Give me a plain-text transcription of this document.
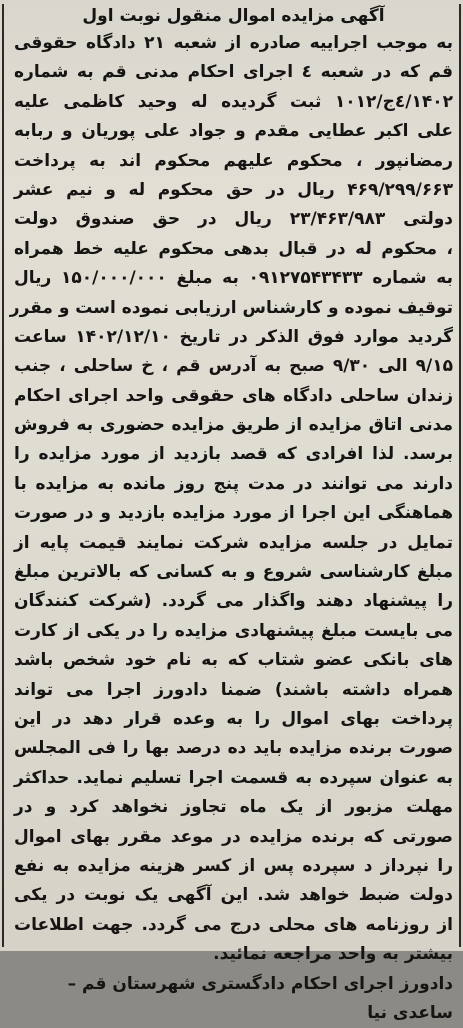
آگهی مزایده اموال منقول نوبت اول
به موجب اجراییه صادره از شعبه ۲۱ دادگاه حقوقی
قم که در شعبه ٤ اجرای احکام مدنی قم به شماره
۱۴۰۲/٤ج/۱۰۱۲ ثبت گردیده له وحید کاظمی علیه
علی اکبر عطایی مقدم و جواد علی پوریان و ربابه
رمضانپور ، محکوم علیهم محکوم اند به پرداخت
۴۶۹/۲۹۹/۶۶۳ ریال در حق محکوم له و نیم عشر
دولتی ۲۳/۴۶۳/۹۸۳ ریال در حق صندوق دولت
، محکوم له در قبال بدهی محکوم علیه خط همراه
به شماره ۰۹۱۲۷۵۴۳۴۳۳ به مبلغ ۱۵۰/۰۰۰/۰۰۰ ریال
توقیف نموده و کارشناس ارزیابی نموده است و مقرر
گردید موارد فوق الذکر در تاریخ ۱۴۰۲/۱۲/۱۰ ساعت
۹/۱۵ الی ۹/۳۰ صبح به آدرس قم ، خ ساحلی ، جنب
زندان ساحلی دادگاه های حقوقی واحد اجرای احکام
مدنی اتاق مزایده از طریق مزایده حضوری به فروش
برسد. لذا افرادی که قصد بازدید از مورد مزایده را
دارند می توانند در مدت پنج روز مانده به مزایده با
هماهنگی این اجرا از مورد مزایده بازدید و در صورت
تمایل در جلسه مزایده شرکت نمایند قیمت پایه از
مبلغ کارشناسی شروع و به کسانی که بالاترین مبلغ
را پیشنهاد دهند واگذار می گردد. (شرکت کنندگان
می بایست مبلغ پیشنهادی مزایده را در یکی از کارت
های بانکی عضو شتاب که به نام خود شخص باشد
همراه داشته باشند) ضمنا دادورز اجرا می تواند
پرداخت بهای اموال را به وعده قرار دهد در این
صورت برنده مزایده باید ده درصد بها را فی المجلس
به عنوان سپرده به قسمت اجرا تسلیم نماید. حداکثر
مهلت مزبور از یک ماه تجاوز نخواهد کرد و در
صورتی که برنده مزایده در موعد مقرر بهای اموال
را نپرداز د سپرده پس از کسر هزینه مزایده به نفع
دولت ضبط خواهد شد. این آگهی یک نوبت در یکی
از روزنامه های محلی درج می گردد. جهت اطلاعات
بیشتر به واحد مراجعه نمائید.
دادورز اجرای احکام دادگستری شهرستان قم –
ساعدی نیا
